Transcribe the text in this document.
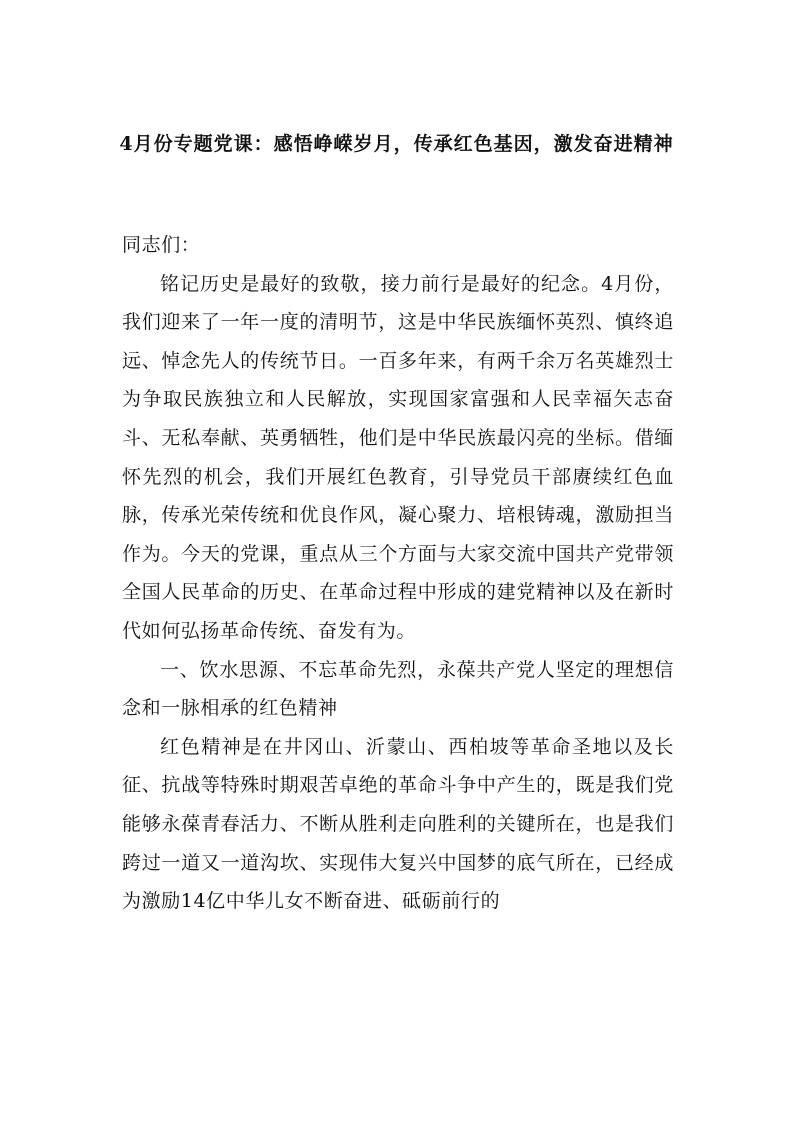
4月份专题党课：感悟峥嵘岁月，传承红色基因，激发奋进精神

同志们：

铭记历史是最好的致敬，接力前行是最好的纪念。4月份，我们迎来了一年一度的清明节，这是中华民族缅怀英烈、慎终追远、悼念先人的传统节日。一百多年来，有两千余万名英雄烈士为争取民族独立和人民解放，实现国家富强和人民幸福矢志奋斗、无私奉献、英勇牺牲，他们是中华民族最闪亮的坐标。借缅怀先烈的机会，我们开展红色教育，引导党员干部赓续红色血脉，传承光荣传统和优良作风，凝心聚力、培根铸魂，激励担当作为。今天的党课，重点从三个方面与大家交流中国共产党带领全国人民革命的历史、在革命过程中形成的建党精神以及在新时代如何弘扬革命传统、奋发有为。

一、饮水思源、不忘革命先烈，永葆共产党人坚定的理想信念和一脉相承的红色精神

红色精神是在井冈山、沂蒙山、西柏坡等革命圣地以及长征、抗战等特殊时期艰苦卓绝的革命斗争中产生的，既是我们党能够永葆青春活力、不断从胜利走向胜利的关键所在，也是我们跨过一道又一道沟坎、实现伟大复兴中国梦的底气所在，已经成为激励14亿中华儿女不断奋进、砥砺前行的
